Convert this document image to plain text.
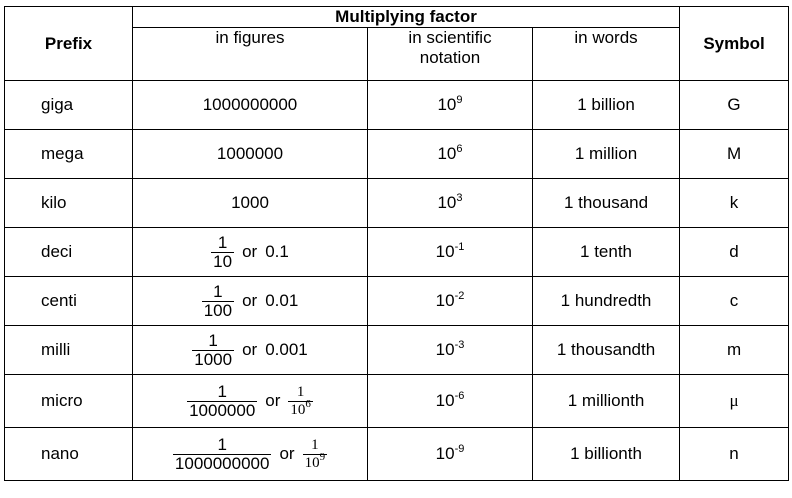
Prefix	Multiplying factor			Symbol
	in figures	in scientific notation	in words	
giga	1000000000	$10^9$	1 billion	G
mega	1000000	$10^6$	1 million	M
kilo	1000	$10^3$	1 thousand	k
deci	$\frac{1}{10}$ or 0.1	$10^{-1}$	1 tenth	d
centi	$\frac{1}{100}$ or 0.01	$10^{-2}$	1 hundredth	c
milli	$\frac{1}{1000}$ or 0.001	$10^{-3}$	1 thousandth	m
micro	$\frac{1}{1000000}$ or $\frac{1}{10^6}$	$10^{-6}$	1 millionth	μ
nano	$\frac{1}{1000000000}$ or $\frac{1}{10^9}$	$10^{-9}$	1 billionth	n
